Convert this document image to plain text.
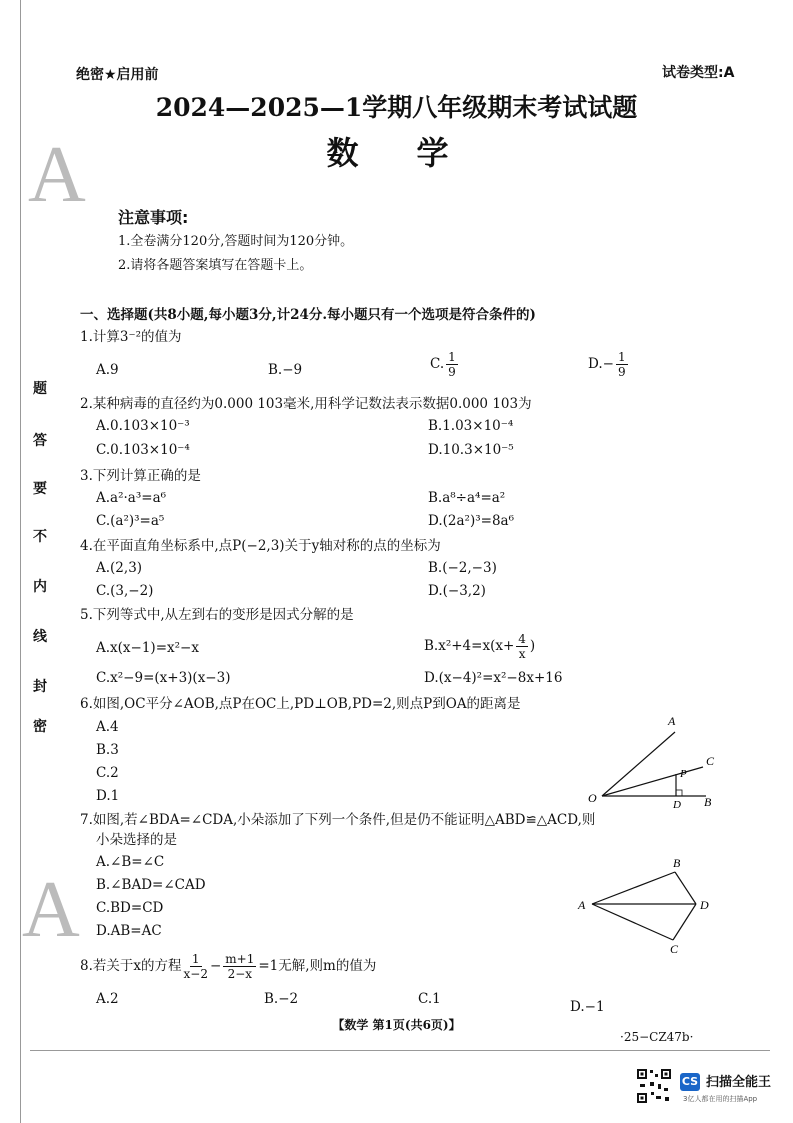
A
A
题
答
要
不
内
线
封
密
绝密★启用前	试卷类型:A
2024—2025—1学期八年级期末考试试题
数学
注意事项:
1.全卷满分120分,答题时间为120分钟。
2.请将各题答案填写在答题卡上。
一、选择题(共8小题,每小题3分,计24分.每小题只有一个选项是符合条件的)
1.计算3⁻²的值为
A.9	B.−9	C. $\frac{1}{9}$	$D.- \frac{1}{9}$
2.某种病毒的直径约为0.000 103毫米,用科学记数法表示数据0.000 103为
A.0.103×10⁻³	B.1.03×10⁻⁴
C.0.103×10⁻⁴	D.10.3×10⁻⁵
3.下列计算正确的是
A.a²·a³=a⁶	B.a⁸÷a⁴=a²
C.(a²)³=a⁵	D.(2a²)³=8a⁶
4.在平面直角坐标系中,点P(−2,3)关于y轴对称的点的坐标为
A.(2,3)	B.(−2,−3)
C.(3,−2)	D.(−3,2)
5.下列等式中,从左到右的变形是因式分解的是
A.x(x−1)=x²−x	$B.x^2+4=x(x+ \frac{4}{x}$ )
C.x²−9=(x+3)(x−3)	D.(x−4)²=x²−8x+16
6.如图,OC平分∠AOB,点P在OC上,PD⊥OB,PD=2,则点P到OA的距离是
A.4
B.3
C.2
D.1
A
C
P
O	D B
7.如图,若∠BDA=∠CDA,小朵添加了下列一个条件,但是仍不能证明△ABD≌△ACD,则
小朵选择的是
A.∠B=∠C
B.∠BAD=∠CAD
C.BD=CD
D.AB=AC
A
B
C
D
8.若关于x的方程 $\frac{1}{x-2} - \frac{m+1}{2-x} =1$无解,则m的值为
A.2	B.−2	C.1	D.−1
【数学 第1页(共6页)】
·25−CZ47b·
CS 扫描全能王
3亿人都在用的扫描App
